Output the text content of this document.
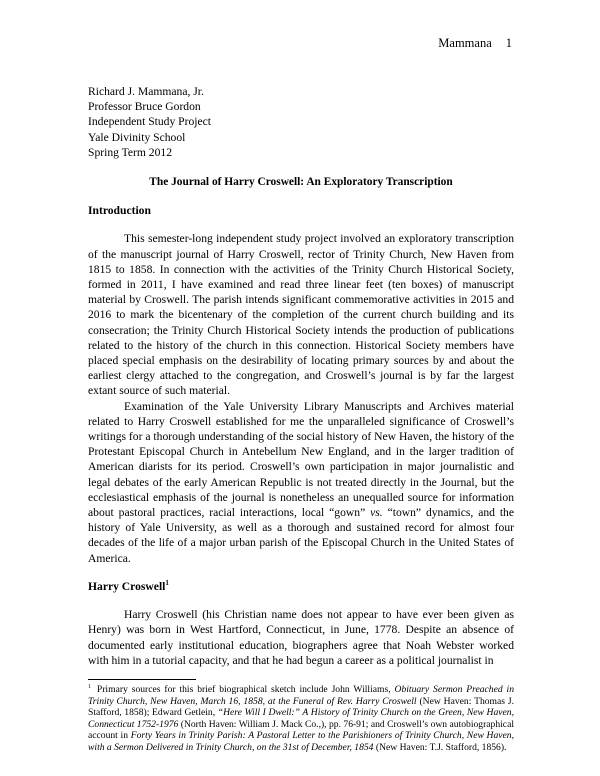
Mammana 1
Richard J. Mammana, Jr.
Professor Bruce Gordon
Independent Study Project
Yale Divinity School
Spring Term 2012
The Journal of Harry Croswell: An Exploratory Transcription
Introduction

This semester-long independent study project involved an exploratory transcription of the manuscript journal of Harry Croswell, rector of Trinity Church, New Haven from 1815 to 1858. In connection with the activities of the Trinity Church Historical Society, formed in 2011, I have examined and read three linear feet (ten boxes) of manuscript material by Croswell. The parish intends significant commemorative activities in 2015 and 2016 to mark the bicentenary of the completion of the current church building and its consecration; the Trinity Church Historical Society intends the production of publications related to the history of the church in this connection. Historical Society members have placed special emphasis on the desirability of locating primary sources by and about the earliest clergy attached to the congregation, and Croswell’s journal is by far the largest extant source of such material.

Examination of the Yale University Library Manuscripts and Archives material related to Harry Croswell established for me the unparalleled significance of Croswell’s writings for a thorough understanding of the social history of New Haven, the history of the Protestant Episcopal Church in Antebellum New England, and in the larger tradition of American diarists for its period. Croswell’s own participation in major journalistic and legal debates of the early American Republic is not treated directly in the Journal, but the ecclesiastical emphasis of the journal is nonetheless an unequalled source for information about pastoral practices, racial interactions, local “gown” vs. “town” dynamics, and the history of Yale University, as well as a thorough and sustained record for almost four decades of the life of a major urban parish of the Episcopal Church in the United States of America.

Harry Croswell$^1$

Harry Croswell (his Christian name does not appear to have ever been given as Henry) was born in West Hartford, Connecticut, in June, 1778. Despite an absence of documented early institutional education, biographers agree that Noah Webster worked with him in a tutorial capacity, and that he had begun a career as a political journalist in

$^1$ Primary sources for this brief biographical sketch include John Williams, Obituary Sermon Preached in Trinity Church, New Haven, March 16, 1858, at the Funeral of Rev. Harry Croswell (New Haven: Thomas J. Stafford, 1858); Edward Getlein, “Here Will I Dwell:” A History of Trinity Church on the Green, New Haven, Connecticut 1752-1976 (North Haven: William J. Mack Co.,), pp. 76-91; and Croswell’s own autobiographical account in Forty Years in Trinity Parish: A Pastoral Letter to the Parishioners of Trinity Church, New Haven, with a Sermon Delivered in Trinity Church, on the 31st of December, 1854 (New Haven: T.J. Stafford, 1856).
